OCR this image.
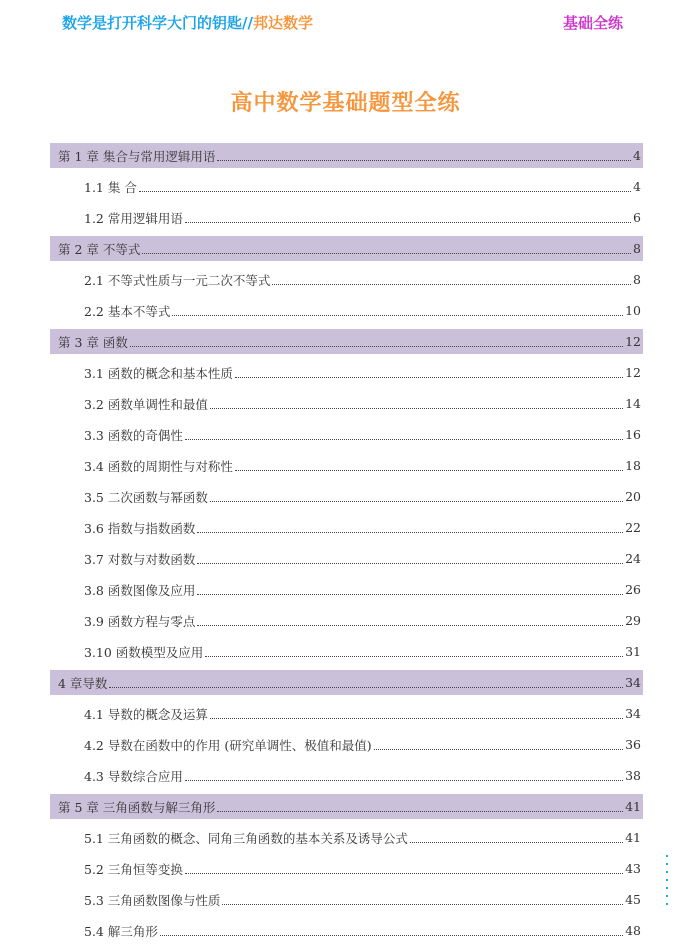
数学是打开科学大门的钥匙//邦达数学	基础全练
高中数学基础题型全练
第 1 章 集合与常用逻辑用语	4
1.1 集 合	4
1.2 常用逻辑用语	6
第 2 章 不等式	8
2.1 不等式性质与一元二次不等式	8
2.2 基本不等式	10
第 3 章 函数	12
3.1 函数的概念和基本性质	12
3.2 函数单调性和最值	14
3.3 函数的奇偶性	16
3.4 函数的周期性与对称性	18
3.5 二次函数与幂函数	20
3.6 指数与指数函数	22
3.7 对数与对数函数	24
3.8 函数图像及应用	26
3.9 函数方程与零点	29
3.10 函数模型及应用	31
4 章导数	34
4.1 导数的概念及运算	34
4.2 导数在函数中的作用 (研究单调性、极值和最值)	36
4.3 导数综合应用	38
第 5 章 三角函数与解三角形	41
5.1 三角函数的概念、同角三角函数的基本关系及诱导公式	41
5.2 三角恒等变换	43
5.3 三角函数图像与性质	45
5.4 解三角形	48
